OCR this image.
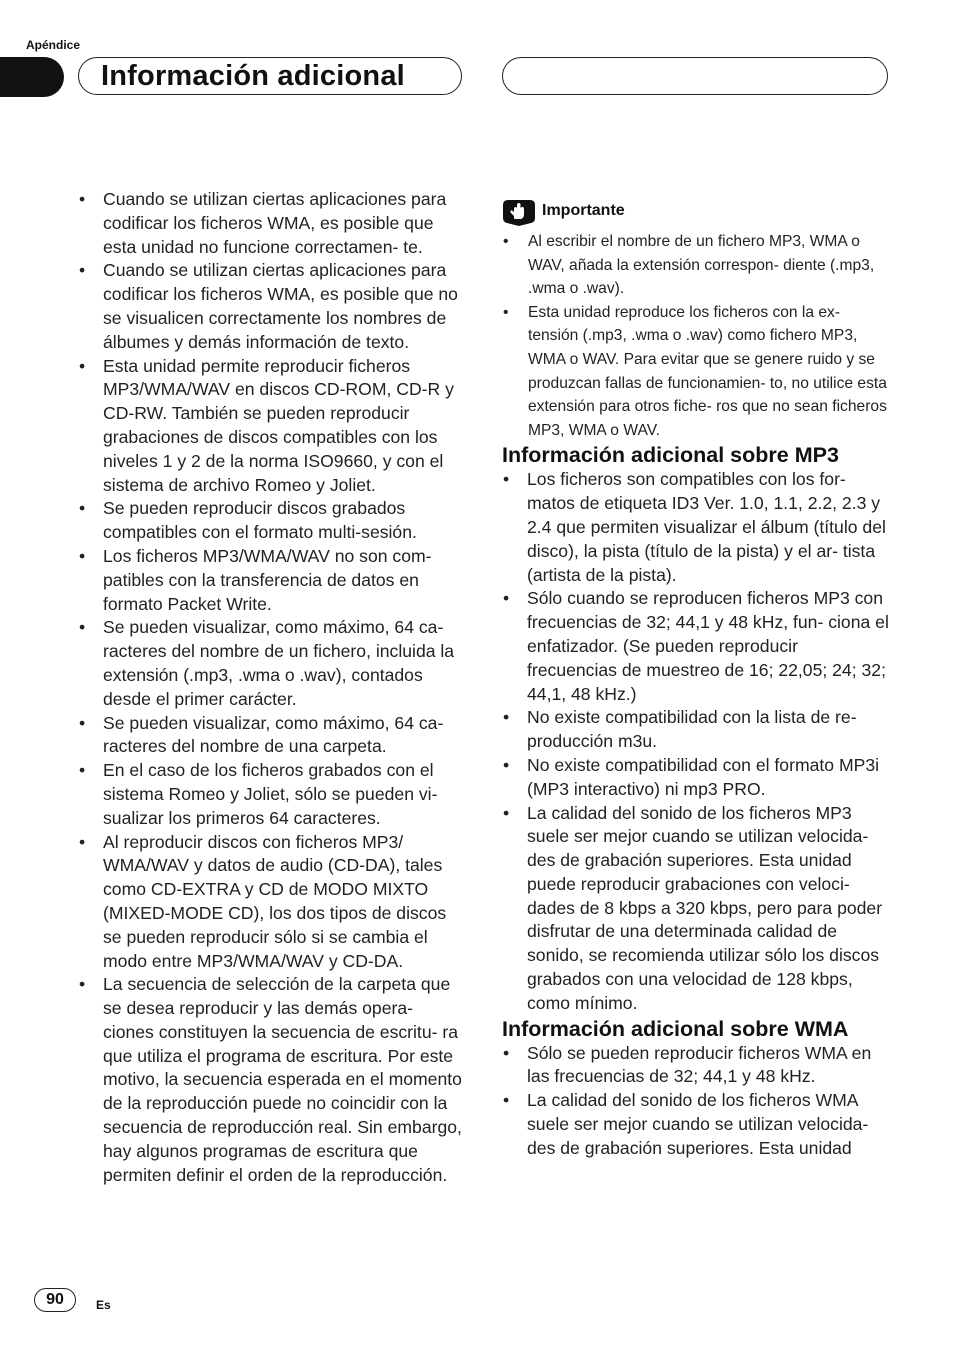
Apéndice
Información adicional
• Cuando se utilizan ciertas aplicaciones para codificar los ficheros WMA, es posible que esta unidad no funcione correctamen- te.
• Cuando se utilizan ciertas aplicaciones para codificar los ficheros WMA, es posible que no se visualicen correctamente los nombres de álbumes y demás información de texto.
• Esta unidad permite reproducir ficheros MP3/WMA/WAV en discos CD-ROM, CD-R y CD-RW. También se pueden reproducir grabaciones de discos compatibles con los niveles 1 y 2 de la norma ISO9660, y con el sistema de archivo Romeo y Joliet.
• Se pueden reproducir discos grabados compatibles con el formato multi-sesión.
• Los ficheros MP3/WMA/WAV no son com- patibles con la transferencia de datos en formato Packet Write.
• Se pueden visualizar, como máximo, 64 ca- racteres del nombre de un fichero, incluida la extensión (.mp3, .wma o .wav), contados desde el primer carácter.
• Se pueden visualizar, como máximo, 64 ca- racteres del nombre de una carpeta.
• En el caso de los ficheros grabados con el sistema Romeo y Joliet, sólo se pueden vi- sualizar los primeros 64 caracteres.
• Al reproducir discos con ficheros MP3/ WMA/WAV y datos de audio (CD-DA), tales como CD-EXTRA y CD de MODO MIXTO (MIXED-MODE CD), los dos tipos de discos se pueden reproducir sólo si se cambia el modo entre MP3/WMA/WAV y CD-DA.
• La secuencia de selección de la carpeta que se desea reproducir y las demás opera- ciones constituyen la secuencia de escritu- ra que utiliza el programa de escritura. Por este motivo, la secuencia esperada en el momento de la reproducción puede no coincidir con la secuencia de reproducción real. Sin embargo, hay algunos programas de escritura que permiten definir el orden de la reproducción.
Importante
• Al escribir el nombre de un fichero MP3, WMA o WAV, añada la extensión correspon- diente (.mp3, .wma o .wav).
• Esta unidad reproduce los ficheros con la ex- tensión (.mp3, .wma o .wav) como fichero MP3, WMA o WAV. Para evitar que se genere ruido y se produzcan fallas de funcionamien- to, no utilice esta extensión para otros fiche- ros que no sean ficheros MP3, WMA o WAV.
Información adicional sobre MP3
• Los ficheros son compatibles con los for- matos de etiqueta ID3 Ver. 1.0, 1.1, 2.2, 2.3 y 2.4 que permiten visualizar el álbum (título del disco), la pista (título de la pista) y el ar- tista (artista de la pista).
• Sólo cuando se reproducen ficheros MP3 con frecuencias de 32; 44,1 y 48 kHz, fun- ciona el enfatizador. (Se pueden reproducir frecuencias de muestreo de 16; 22,05; 24; 32; 44,1, 48 kHz.)
• No existe compatibilidad con la lista de re- producción m3u.
• No existe compatibilidad con el formato MP3i (MP3 interactivo) ni mp3 PRO.
• La calidad del sonido de los ficheros MP3 suele ser mejor cuando se utilizan velocida- des de grabación superiores. Esta unidad puede reproducir grabaciones con veloci- dades de 8 kbps a 320 kbps, pero para poder disfrutar de una determinada calidad de sonido, se recomienda utilizar sólo los discos grabados con una velocidad de 128 kbps, como mínimo.
Información adicional sobre WMA
• Sólo se pueden reproducir ficheros WMA en las frecuencias de 32; 44,1 y 48 kHz.
• La calidad del sonido de los ficheros WMA suele ser mejor cuando se utilizan velocida- des de grabación superiores. Esta unidad
90	Es
